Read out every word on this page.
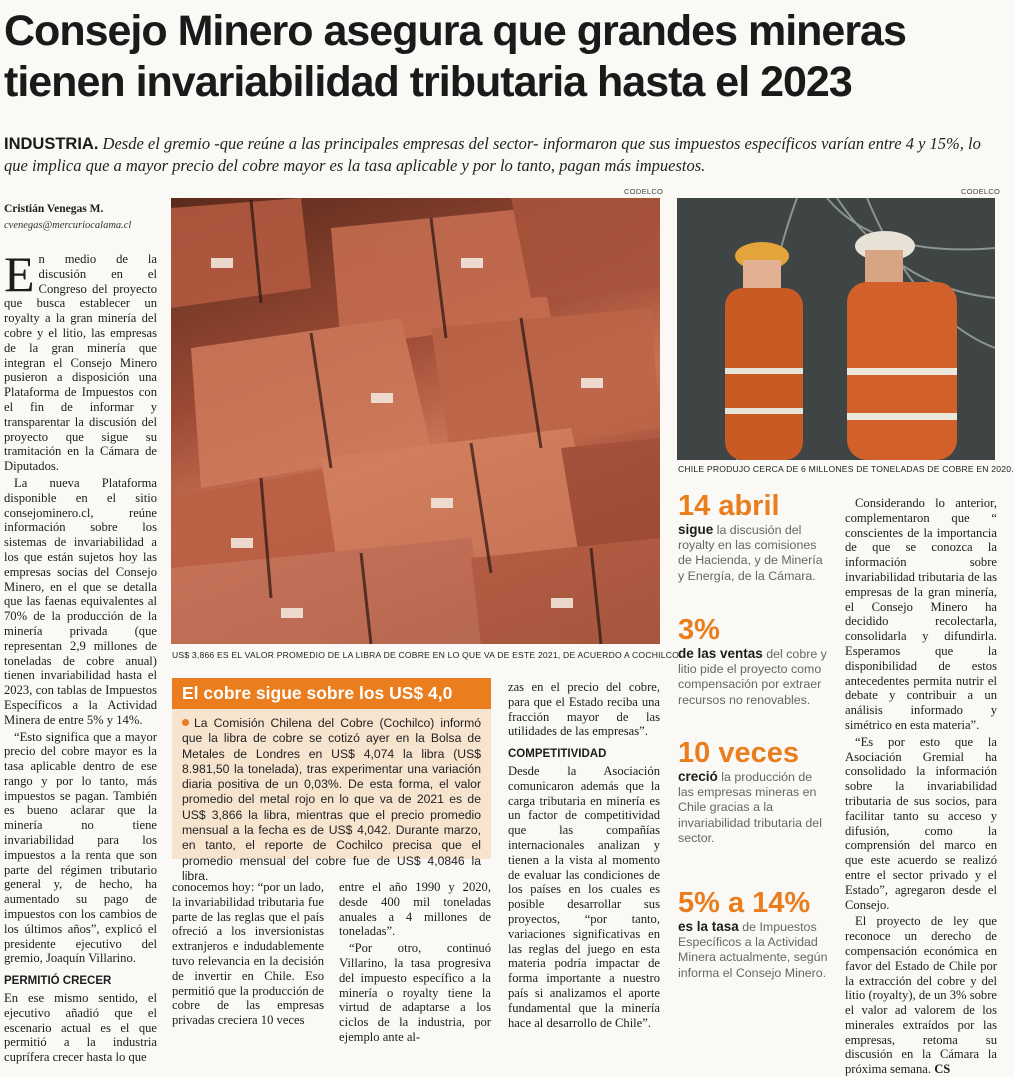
Consejo Minero asegura que grandes mineras
tienen invariabilidad tributaria hasta el 2023
INDUSTRIA. Desde el gremio -que reúne a las principales empresas del sector- informaron que sus impuestos específicos varían entre 4 y 15%, lo que implica que a mayor precio del cobre mayor es la tasa aplicable y por lo tanto, pagan más impuestos.
Cristián Venegas M.
cvenegas@mercuriocalama.cl

En medio de la discusión en el Congreso del proyecto que busca establecer un royalty a la gran minería del cobre y el litio, las empresas de la gran minería que integran el Consejo Minero pusieron a disposición una Plataforma de Impuestos con el fin de informar y transparentar la discusión del proyecto que sigue su tramitación en la Cámara de Diputados.

La nueva Plataforma disponible en el sitio consejominero.cl, reúne información sobre los sistemas de invariabilidad a los que están sujetos hoy las empresas socias del Consejo Minero, en el que se detalla que las faenas equivalentes al 70% de la producción de la minería privada (que representan 2,9 millones de toneladas de cobre anual) tienen invariabilidad hasta el 2023, con tablas de Impuestos Específicos a la Actividad Minera de entre 5% y 14%.

“Esto significa que a mayor precio del cobre mayor es la tasa aplicable dentro de ese rango y por lo tanto, más impuestos se pagan. También es bueno aclarar que la minería no tiene invariabilidad para los impuestos a la renta que son parte del régimen tributario general y, de hecho, ha aumentado su pago de impuestos con los cambios de los últimos años”, explicó el presidente ejecutivo del gremio, Joaquín Villarino.

PERMITIÓ CRECER

En ese mismo sentido, el ejecutivo añadió que el escenario actual es el que permitió a la industria cuprífera crecer hasta lo que

CODELCO
US$ 3,866 ES EL VALOR PROMEDIO DE LA LIBRA DE COBRE EN LO QUE VA DE ESTE 2021, DE ACUERDO A COCHILCO.
CODELCO
CHILE PRODUJO CERCA DE 6 MILLONES DE TONELADAS DE COBRE EN 2020.
El cobre sigue sobre los US$ 4,0
La Comisión Chilena del Cobre (Cochilco) informó que la libra de cobre se cotizó ayer en la Bolsa de Metales de Londres en US$ 4,074 la libra (US$ 8.981,50 la tonelada), tras experimentar una variación diaria positiva de un 0,03%. De esta forma, el valor promedio del metal rojo en lo que va de 2021 es de US$ 3,866 la libra, mientras que el precio promedio mensual a la fecha es de US$ 4,042. Durante marzo, en tanto, el reporte de Cochilco precisa que el promedio mensual del cobre fue de US$ 4,0846 la libra.

conocemos hoy: “por un lado, la invariabilidad tributaria fue parte de las reglas que el país ofreció a los inversionistas extranjeros e indudablemente tuvo relevancia en la decisión de invertir en Chile. Eso permitió que la producción de cobre de las empresas privadas creciera 10 veces

entre el año 1990 y 2020, desde 400 mil toneladas anuales a 4 millones de toneladas”.

“Por otro, continuó Villarino, la tasa progresiva del impuesto específico a la minería o royalty tiene la virtud de adaptarse a los ciclos de la industria, por ejemplo ante al-

zas en el precio del cobre, para que el Estado reciba una fracción mayor de las utilidades de las empresas”.

COMPETITIVIDAD

Desde la Asociación comunicaron además que la carga tributaria en minería es un factor de competitividad que las compañías internacionales analizan y tienen a la vista al momento de evaluar las condiciones de los países en los cuales es posible desarrollar sus proyectos, “por tanto, variaciones significativas en las reglas del juego en esta materia podría impactar de forma importante a nuestro país si analizamos el aporte fundamental que la minería hace al desarrollo de Chile”.

14 abril
sigue la discusión del royalty en las comisiones de Hacienda, y de Minería y Energía, de la Cámara.
3%
de las ventas del cobre y litio pide el proyecto como compensación por extraer recursos no renovables.
10 veces
creció la producción de las empresas mineras en Chile gracias a la invariabilidad tributaria del sector.
5% a 14%
es la tasa de Impuestos Específicos a la Actividad Minera actualmente, según informa el Consejo Minero.

Considerando lo anterior, complementaron que “ conscientes de la importancia de que se conozca la información sobre invariabilidad tributaria de las empresas de la gran minería, el Consejo Minero ha decidido recolectarla, consolidarla y difundirla. Esperamos que la disponibilidad de estos antecedentes permita nutrir el debate y contribuir a un análisis informado y simétrico en esta materia”.

“Es por esto que la Asociación Gremial ha consolidado la información sobre la invariabilidad tributaria de sus socios, para facilitar tanto su acceso y difusión, como la comprensión del marco en que este acuerdo se realizó entre el sector privado y el Estado”, agregaron desde el Consejo.

El proyecto de ley que reconoce un derecho de compensación económica en favor del Estado de Chile por la extracción del cobre y del litio (royalty), de un 3% sobre el valor ad valorem de los minerales extraídos por las empresas, retoma su discusión en la Cámara la próxima semana. CS
